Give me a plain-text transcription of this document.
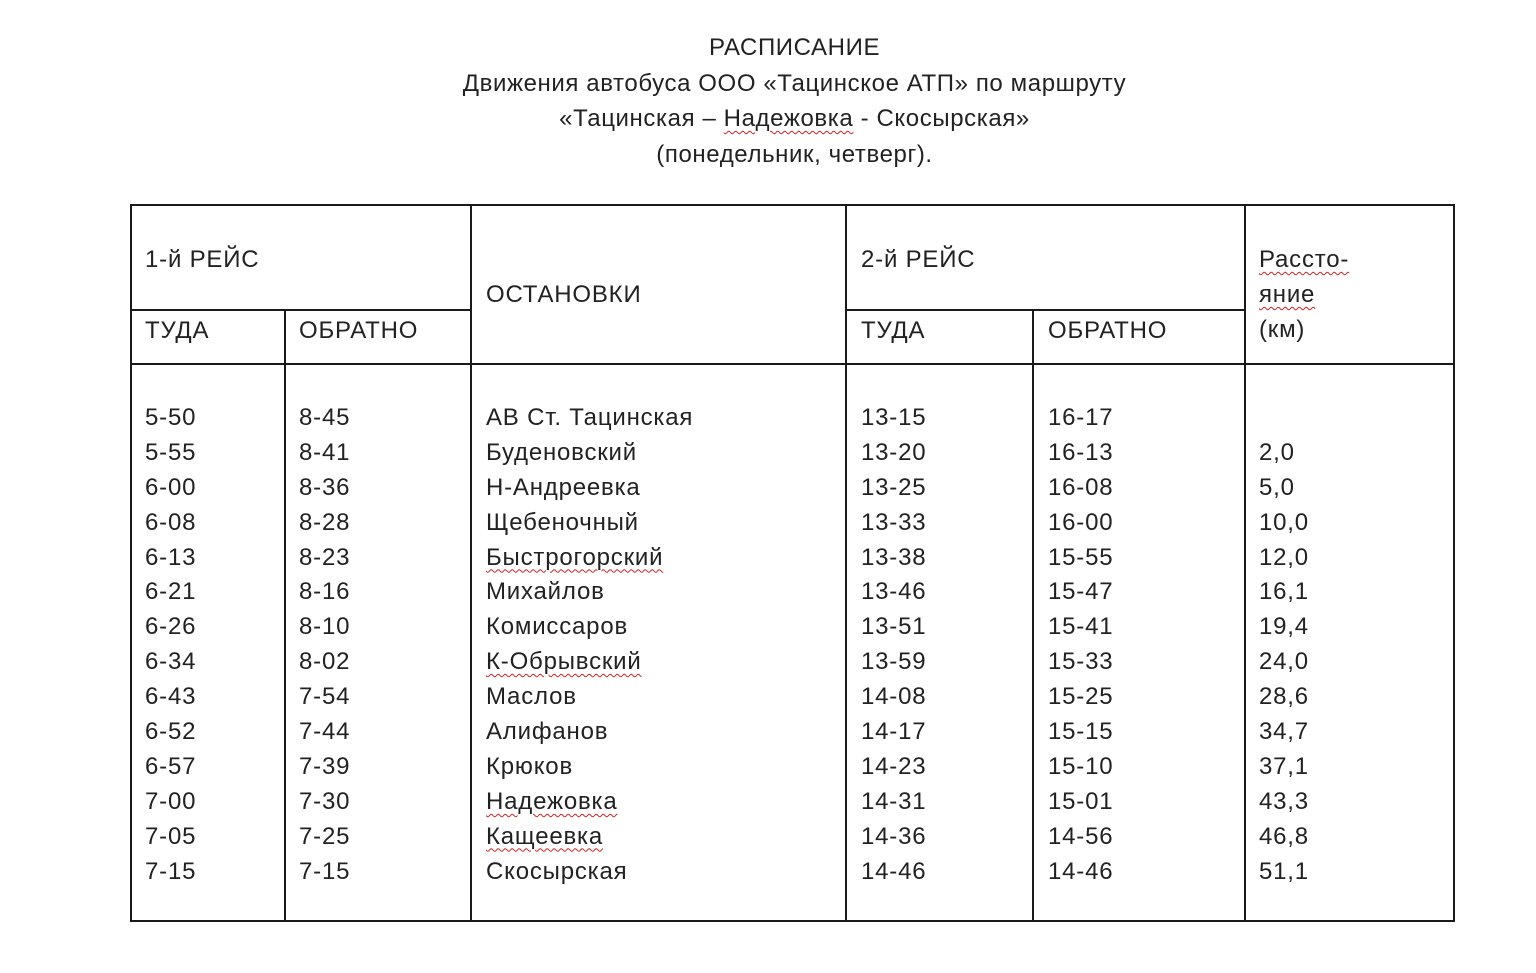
РАСПИСАНИЕ
Движения автобуса ООО «Тацинское АТП» по маршруту
«Тацинская – Надежовка - Скосырская»
(понедельник, четверг).
1-й РЕЙС
ТУДА	ОБРАТНО
ОСТАНОВКИ
2-й РЕЙС
ТУДА	ОБРАТНО
Рассто-
яние
(км)
5-50
5-55
6-00
6-08
6-13
6-21
6-26
6-34
6-43
6-52
6-57
7-00
7-05
7-15
8-45
8-41
8-36
8-28
8-23
8-16
8-10
8-02
7-54
7-44
7-39
7-30
7-25
7-15
АВ Ст. Тацинская
Буденовский
Н-Андреевка
Щебеночный
Быстрогорский
Михайлов
Комиссаров
К-Обрывский
Маслов
Алифанов
Крюков
Надежовка
Кащеевка
Скосырская
13-15
13-20
13-25
13-33
13-38
13-46
13-51
13-59
14-08
14-17
14-23
14-31
14-36
14-46
16-17
16-13
16-08
16-00
15-55
15-47
15-41
15-33
15-25
15-15
15-10
15-01
14-56
14-46
2,0
5,0
10,0
12,0
16,1
19,4
24,0
28,6
34,7
37,1
43,3
46,8
51,1
